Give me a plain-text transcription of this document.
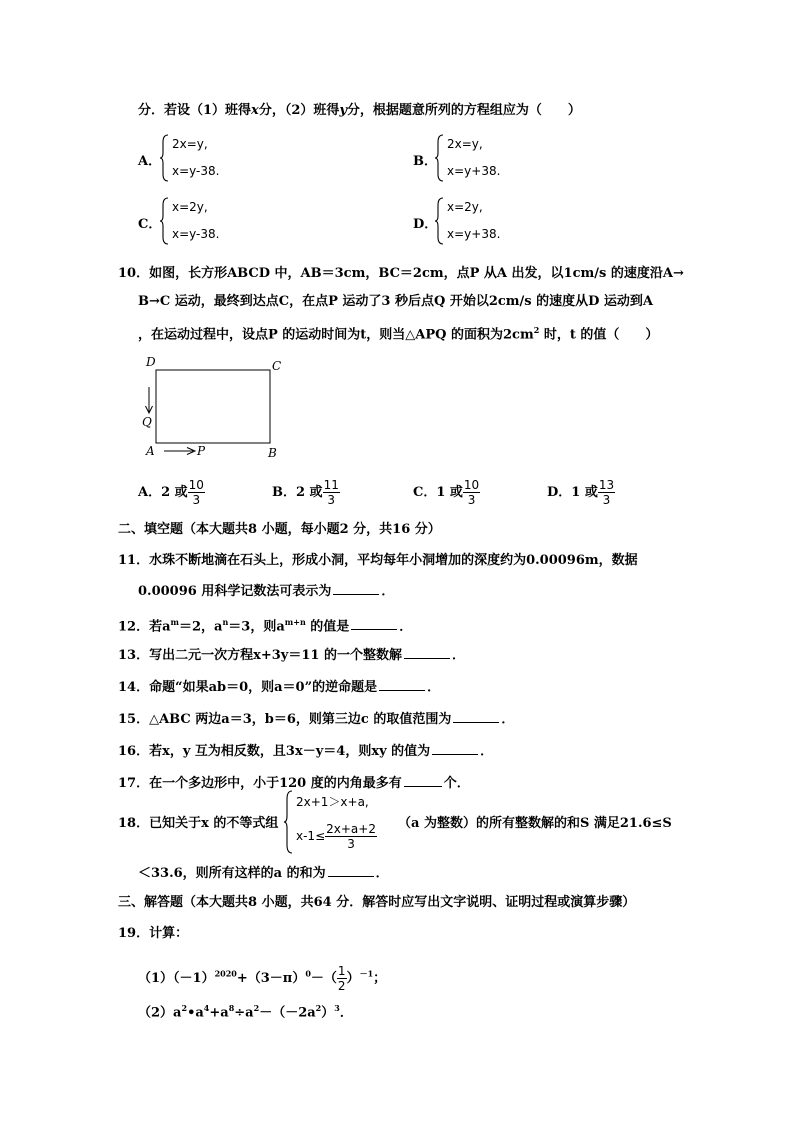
分．若设（1）班得x分，（2）班得y分，根据题意所列的方程组应为（　　）
A．
2x=y,
x=y-38.
B．
2x=y,
x=y+38.
C．
x=2y,
x=y-38.
D．
x=2y,
x=y+38.
10．如图，长方形ABCD 中，AB＝3cm，BC＝2cm，点P 从A 出发，以1cm/s 的速度沿A→
B→C 运动，最终到达点C，在点P 运动了3 秒后点Q 开始以2cm/s 的速度从D 运动到A
，在运动过程中，设点P 的运动时间为t，则当△APQ 的面积为$2cm^2$ 时，t 的值（　　）
D	C
Q
A	B
P
A．2 或 $\frac{10}{3}$	B．2 或 $\frac{11}{3}$	C．1 或 $\frac{10}{3}$	D．1 或 $\frac{13}{3}$
二、填空题（本大题共8 小题，每小题2 分，共16 分）
11．水珠不断地滴在石头上，形成小洞，平均每年小洞增加的深度约为0.00096m，数据
0.00096 用科学记数法可表示为	．
12．若$a^m=2$，$a^n=3$，则$a^{m+n}$ 的值是	．
13．写出二元一次方程x+3y＝11 的一个整数解	．
14．命题“如果ab＝0，则a＝0”的逆命题是	．
15．△ABC 两边a＝3，b＝6，则第三边c 的取值范围为	．
16．若x，y 互为相反数，且3x－y＝4，则xy 的值为	．
17．在一个多边形中，小于120 度的内角最多有	个．
18．已知关于x 的不等式组
2x+1＞x+a,
$x-1\le \frac{2x+a+2}{3} (a$ 为整数）的所有整数解的和S 满足21.6≤S
＜33.6，则所有这样的a 的和为	．
三、解答题（本大题共8 小题，共64 分．解答时应写出文字说明、证明过程或演算步骤）
19．计算：
$(1)(-1)^{2020}+(3-\pi)^0-( \frac{1}{2} )^{-1}$；
$(2)a^2•a^4+a^8\div a^2-(-2a^2)^3$．
